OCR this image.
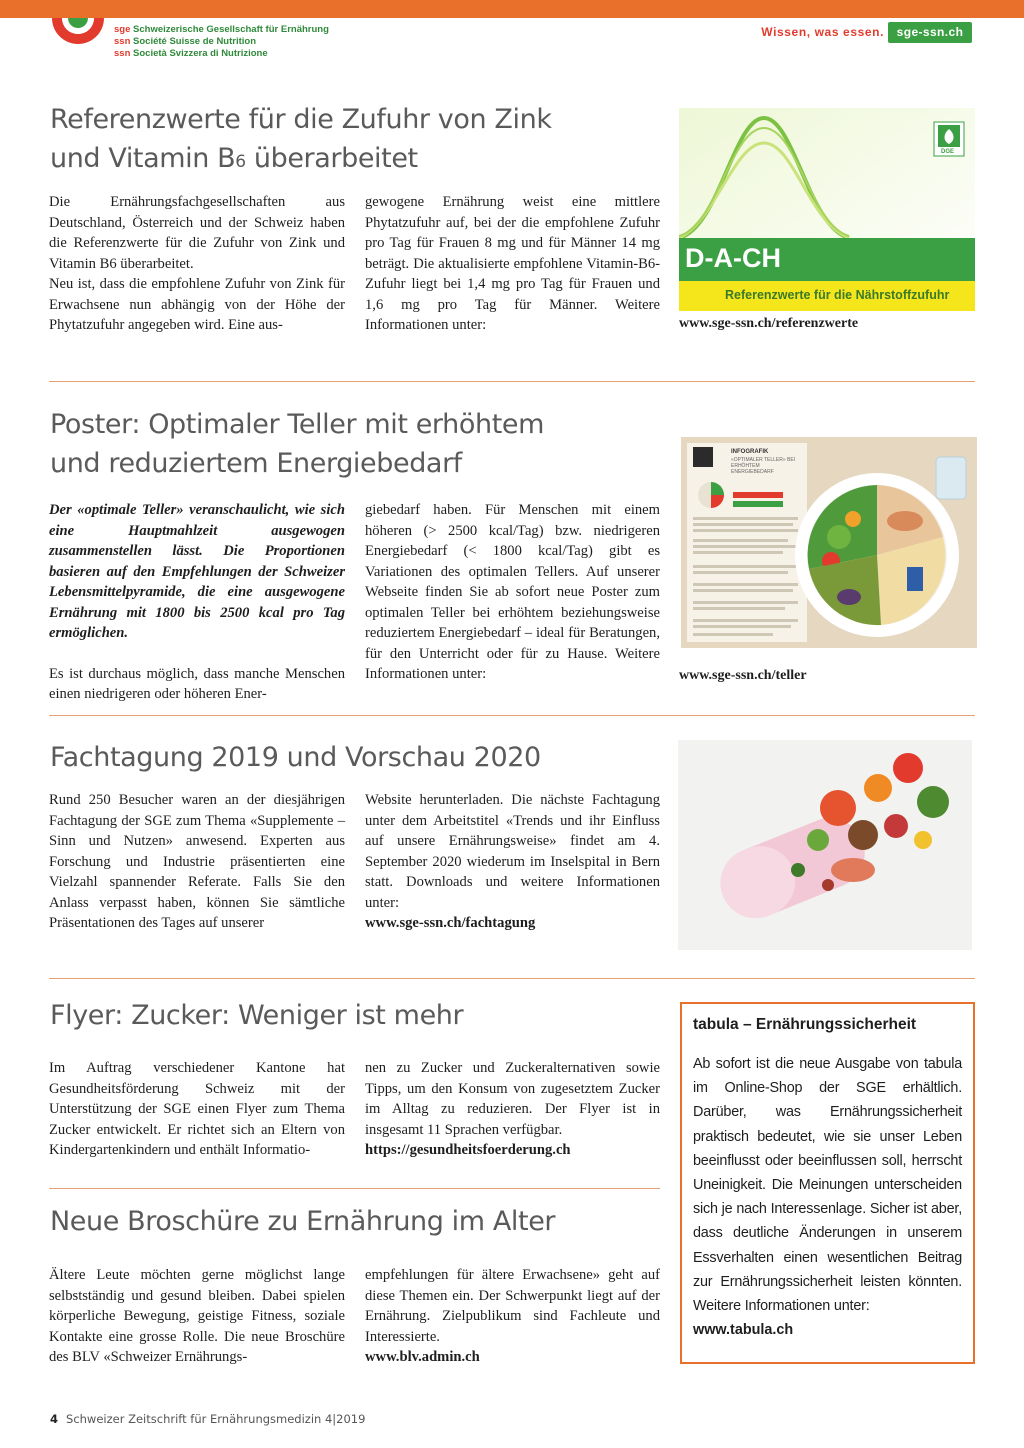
sge Schweizerische Gesellschaft für Ernährung
ssn Société Suisse de Nutrition
ssn Società Svizzera di Nutrizione
Wissen, was essen.	sge-ssn.ch
Referenzwerte für die Zufuhr von Zink
und Vitamin B6 überarbeitet

Die Ernährungsfachgesellschaften aus Deutschland, Österreich und der Schweiz haben die Referenzwerte für die Zufuhr von Zink und Vitamin B6 überarbeitet.

Neu ist, dass die empfohlene Zufuhr von Zink für Erwachsene nun abhängig von der Höhe der Phytatzufuhr angegeben wird. Eine aus-

gewogene Ernährung weist eine mittlere Phytatzufuhr auf, bei der die empfohlene Zufuhr pro Tag für Frauen 8 mg und für Männer 14 mg beträgt. Die aktualisierte empfohlene Vitamin-B6-Zufuhr liegt bei 1,4 mg pro Tag für Frauen und 1,6 mg pro Tag für Männer. Weitere Informationen unter:

DGE
D-A-CH
Referenzwerte für die Nährstoffzufuhr
www.sge-ssn.ch/referenzwerte
Poster: Optimaler Teller mit erhöhtem
und reduziertem Energiebedarf

Der «optimale Teller» veranschaulicht, wie sich eine Hauptmahlzeit ausgewogen zusammenstellen lässt. Die Proportionen basieren auf den Empfehlungen der Schweizer Lebensmittelpyramide, die eine ausgewogene Ernährung mit 1800 bis 2500 kcal pro Tag ermöglichen.

Es ist durchaus möglich, dass manche Menschen einen niedrigeren oder höheren Ener-

giebedarf haben. Für Menschen mit einem höheren (> 2500 kcal/Tag) bzw. niedrigeren Energiebedarf (< 1800 kcal/Tag) gibt es Variationen des optimalen Tellers. Auf unserer Webseite finden Sie ab sofort neue Poster zum optimalen Teller bei erhöhtem beziehungsweise reduziertem Energiebedarf – ideal für Beratungen, für den Unterricht oder für zu Hause. Weitere Informationen unter:

INFOGRAFIK
«OPTIMALER TELLER» BEI ERHÖHTEM ENERGIEBEDARF
www.sge-ssn.ch/teller
Fachtagung 2019 und Vorschau 2020

Rund 250 Besucher waren an der diesjährigen Fachtagung der SGE zum Thema «Supplemente – Sinn und Nutzen» anwesend. Experten aus Forschung und Industrie präsentierten eine Vielzahl spannender Referate. Falls Sie den Anlass verpasst haben, können Sie sämtliche Präsentationen des Tages auf unserer

Website herunterladen. Die nächste Fachtagung unter dem Arbeitstitel «Trends und ihr Einfluss auf unsere Ernährungsweise» findet am 4. September 2020 wiederum im Inselspital in Bern statt. Downloads und weitere Informationen unter:

www.sge-ssn.ch/fachtagung

Flyer: Zucker: Weniger ist mehr

Im Auftrag verschiedener Kantone hat Gesundheitsförderung Schweiz mit der Unterstützung der SGE einen Flyer zum Thema Zucker entwickelt. Er richtet sich an Eltern von Kindergartenkindern und enthält Informatio-

nen zu Zucker und Zuckeralternativen sowie Tipps, um den Konsum von zugesetztem Zucker im Alltag zu reduzieren. Der Flyer ist in insgesamt 11 Sprachen verfügbar.

https://gesundheitsfoerderung.ch

Neue Broschüre zu Ernährung im Alter

Ältere Leute möchten gerne möglichst lange selbstständig und gesund bleiben. Dabei spielen körperliche Bewegung, geistige Fitness, soziale Kontakte eine grosse Rolle. Die neue Broschüre des BLV «Schweizer Ernährungs-

empfehlungen für ältere Erwachsene» geht auf diese Themen ein. Der Schwerpunkt liegt auf der Ernährung. Zielpublikum sind Fachleute und Interessierte.

www.blv.admin.ch

tabula – Ernährungssicherheit
Ab sofort ist die neue Ausgabe von tabula im Online-Shop der SGE erhältlich. Darüber, was Ernährungssicherheit praktisch bedeutet, wie sie unser Leben beeinflusst oder beeinflussen soll, herrscht Uneinigkeit. Die Meinungen unterscheiden sich je nach Interessenlage. Sicher ist aber, dass deutliche Änderungen in unserem Essverhalten einen wesentlichen Beitrag zur Ernährungssicherheit leisten könnten. Weitere Informationen unter:
www.tabula.ch
4 Schweizer Zeitschrift für Ernährungsmedizin 4|2019
